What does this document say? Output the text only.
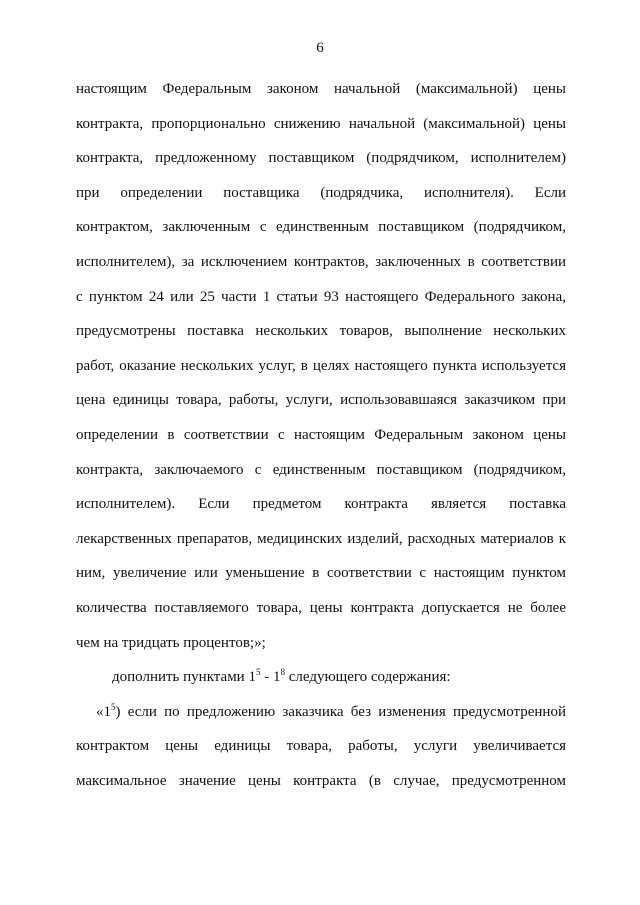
6
настоящим Федеральным законом начальной (максимальной) цены
контракта, пропорционально снижению начальной (максимальной) цены
контракта, предложенному поставщиком (подрядчиком, исполнителем)
при определении поставщика (подрядчика, исполнителя). Если
контрактом, заключенным с единственным поставщиком (подрядчиком,
исполнителем), за исключением контрактов, заключенных в соответствии
с пунктом 24 или 25 части 1 статьи 93 настоящего Федерального закона,
предусмотрены поставка нескольких товаров, выполнение нескольких
работ, оказание нескольких услуг, в целях настоящего пункта используется
цена единицы товара, работы, услуги, использовавшаяся заказчиком при
определении в соответствии с настоящим Федеральным законом цены
контракта, заключаемого с единственным поставщиком (подрядчиком,
исполнителем). Если предметом контракта является поставка
лекарственных препаратов, медицинских изделий, расходных материалов к
ним, увеличение или уменьшение в соответствии с настоящим пунктом
количества поставляемого товара, цены контракта допускается не более
чем на тридцать процентов;»;
дополнить пунктами $1^5 - 1^8$ следующего содержания:
«$1^5$) если по предложению заказчика без изменения предусмотренной
контрактом цены единицы товара, работы, услуги увеличивается
максимальное значение цены контракта (в случае, предусмотренном
